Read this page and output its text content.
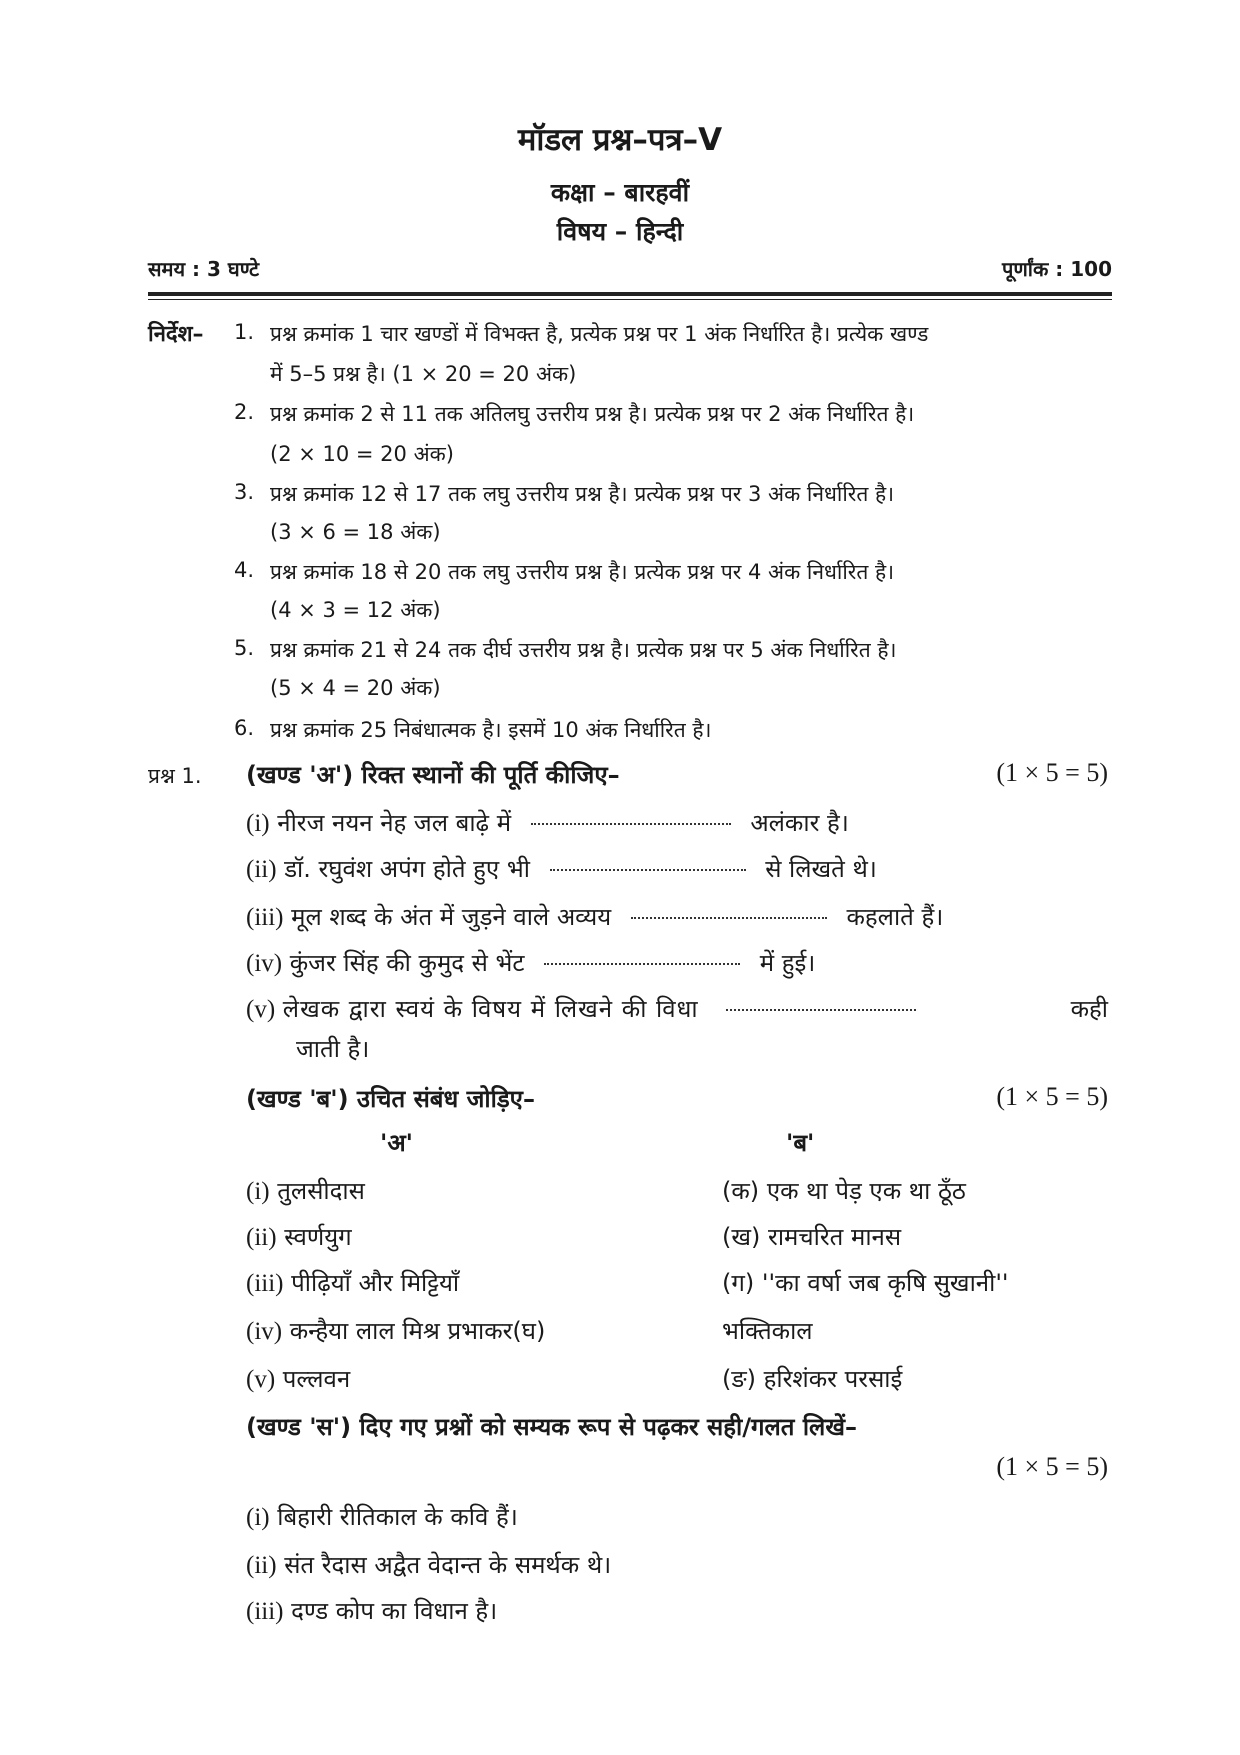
मॉडल प्रश्न–पत्र–V
कक्षा – बारहवीं
विषय – हिन्दी
समय : 3 घण्टे	पूर्णांक : 100
निर्देश– 1. प्रश्न क्रमांक 1 चार खण्डों में विभक्त है, प्रत्येक प्रश्न पर 1 अंक निर्धारित है। प्रत्येक खण्ड
में 5–5 प्रश्न है। (1 × 20 = 20 अंक)
2. प्रश्न क्रमांक 2 से 11 तक अतिलघु उत्तरीय प्रश्न है। प्रत्येक प्रश्न पर 2 अंक निर्धारित है।
(2 × 10 = 20 अंक)
3. प्रश्न क्रमांक 12 से 17 तक लघु उत्तरीय प्रश्न है। प्रत्येक प्रश्न पर 3 अंक निर्धारित है।
(3 × 6 = 18 अंक)
4. प्रश्न क्रमांक 18 से 20 तक लघु उत्तरीय प्रश्न है। प्रत्येक प्रश्न पर 4 अंक निर्धारित है।
(4 × 3 = 12 अंक)
5. प्रश्न क्रमांक 21 से 24 तक दीर्घ उत्तरीय प्रश्न है। प्रत्येक प्रश्न पर 5 अंक निर्धारित है।
(5 × 4 = 20 अंक)
6. प्रश्न क्रमांक 25 निबंधात्मक है। इसमें 10 अंक निर्धारित है।
प्रश्न 1. (खण्ड 'अ') रिक्त स्थानों की पूर्ति कीजिए–	(1 × 5 = 5)
(i) नीरज नयन नेह जल बाढ़े में	अलंकार है।
(ii) डॉ. रघुवंश अपंग होते हुए भी	से लिखते थे।
(iii) मूल शब्द के अंत में जुड़ने वाले अव्यय	कहलाते हैं।
(iv) कुंजर सिंह की कुमुद से भेंट	में हुई।
(v) लेखक द्वारा स्वयं के विषय में लिखने की विधा	कही
जाती है।
(खण्ड 'ब') उचित संबंध जोड़िए–	(1 × 5 = 5)
'अ'	'ब'
(i) तुलसीदास	(क) एक था पेड़ एक था ठूँठ
(ii) स्वर्णयुग	(ख) रामचरित मानस
(iii) पीढ़ियाँ और मिट्टियाँ	(ग) ''का वर्षा जब कृषि सुखानी''
(iv) कन्हैया लाल मिश्र प्रभाकर(घ)	भक्तिकाल
(v) पल्लवन	(ङ) हरिशंकर परसाई
(खण्ड 'स') दिए गए प्रश्नों को सम्यक रूप से पढ़कर सही/गलत लिखें–
(1 × 5 = 5)
(i) बिहारी रीतिकाल के कवि हैं।
(ii) संत रैदास अद्वैत वेदान्त के समर्थक थे।
(iii) दण्ड कोप का विधान है।
